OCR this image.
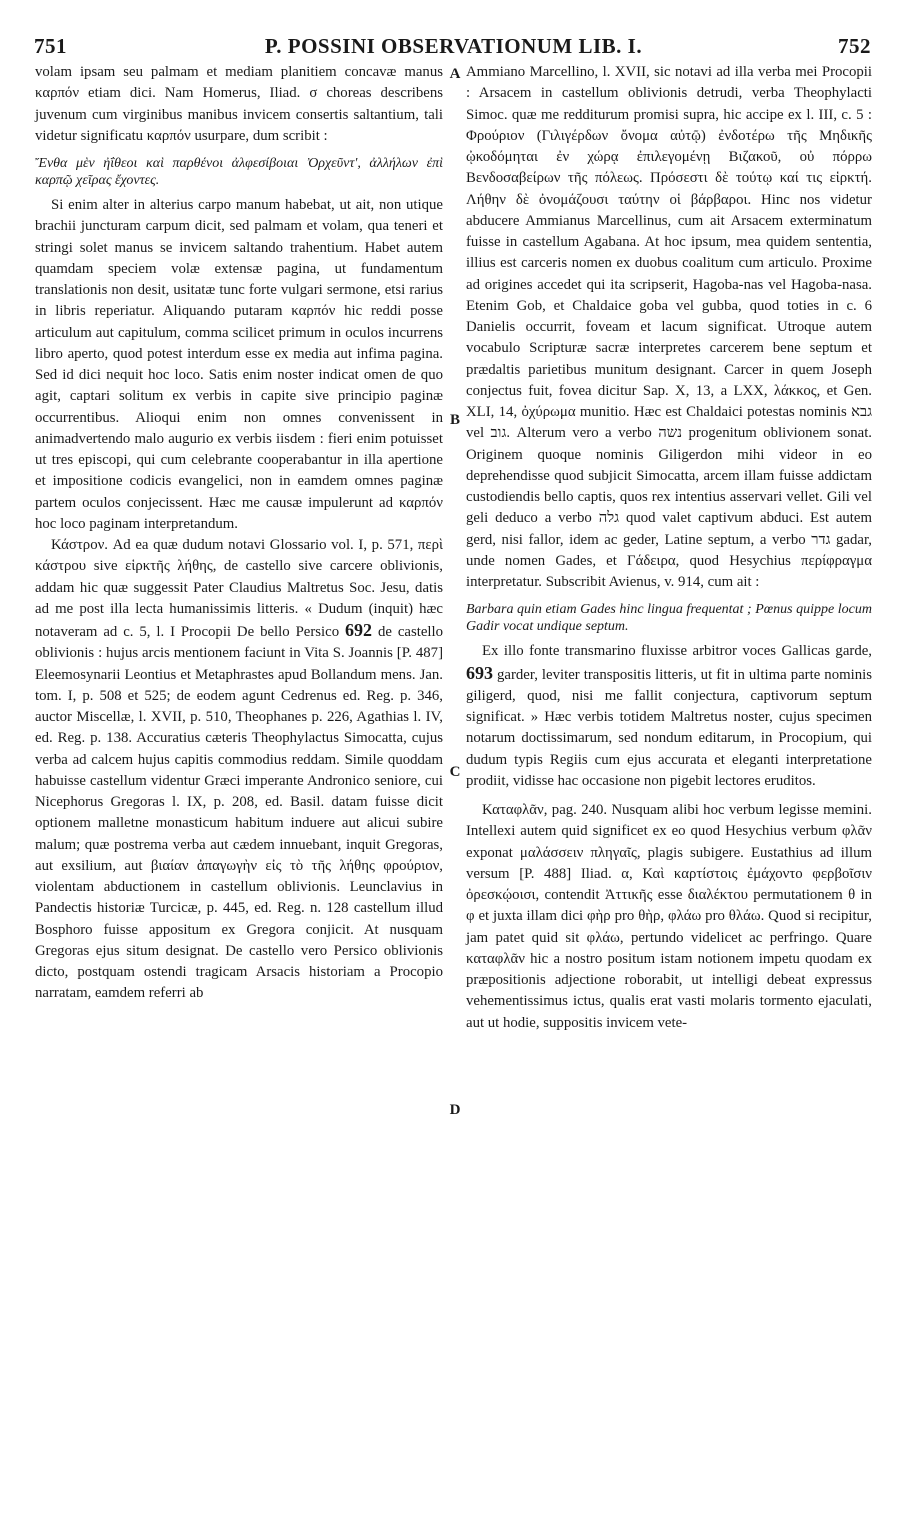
751	P. POSSINI OBSERVATIONUM LIB. I.	752
A
B
C
D

volam ipsam seu palmam et mediam planitiem concavæ manus καρπόν etiam dici. Nam Homerus, Iliad. σ choreas describens juvenum cum virginibus manibus invicem consertis saltantium, tali videtur significatu καρπόν usurpare, dum scribit :

Ἔνθα μὲν ἠΐθεοι καὶ παρθένοι ἀλφεσίβοιαι Ὀρχεῦντ', ἀλλήλων ἐπὶ καρπῷ χεῖρας ἔχοντες.

Si enim alter in alterius carpo manum habebat, ut ait, non utique brachii juncturam carpum dicit, sed palmam et volam, qua teneri et stringi solet manus se invicem saltando trahentium. Habet autem quamdam speciem volæ extensæ pagina, ut fundamentum translationis non desit, usitatæ tunc forte vulgari sermone, etsi rarius in libris reperiatur. Aliquando putaram καρπόν hic reddi posse articulum aut capitulum, comma scilicet primum in oculos incurrens libro aperto, quod potest interdum esse ex media aut infima pagina. Sed id dici nequit hoc loco. Satis enim noster indicat omen de quo agit, captari solitum ex verbis in capite sive principio paginæ occurrentibus. Alioqui enim non omnes convenissent in animadvertendo malo augurio ex verbis iisdem : fieri enim potuisset ut tres episcopi, qui cum celebrante cooperabantur in illa apertione et impositione codicis evangelici, non in eamdem omnes paginæ partem oculos conjecissent. Hæc me causæ impulerunt ad καρπόν hoc loco paginam interpretandum.

Κάστρον. Ad ea quæ dudum notavi Glossario vol. I, p. 571, περὶ κάστρου sive εἱρκτῆς λήθης, de castello sive carcere oblivionis, addam hic quæ suggessit Pater Claudius Maltretus Soc. Jesu, datis ad me post illa lecta humanissimis litteris. « Dudum (inquit) hæc notaveram ad c. 5, l. I Procopii De bello Persico 692 de castello oblivionis : hujus arcis mentionem faciunt in Vita S. Joannis [P. 487] Eleemosynarii Leontius et Metaphrastes apud Bollandum mens. Jan. tom. I, p. 508 et 525; de eodem agunt Cedrenus ed. Reg. p. 346, auctor Miscellæ, l. XVII, p. 510, Theophanes p. 226, Agathias l. IV, ed. Reg. p. 138. Accuratius cæteris Theophylactus Simocatta, cujus verba ad calcem hujus capitis commodius reddam. Simile quoddam habuisse castellum videntur Græci imperante Andronico seniore, cui Nicephorus Gregoras l. IX, p. 208, ed. Basil. datam fuisse dicit optionem malletne monasticum habitum induere aut alicui subire malum; quæ postrema verba aut cædem innuebant, inquit Gregoras, aut exsilium, aut βιαίαν ἀπαγωγὴν εἰς τὸ τῆς λήθης φρούριον, violentam abductionem in castellum oblivionis. Leunclavius in Pandectis historiæ Turcicæ, p. 445, ed. Reg. n. 128 castellum illud Bosphoro fuisse appositum ex Gregora conjicit. At nusquam Gregoras ejus situm designat. De castello vero Persico oblivionis dicto, postquam ostendi tragicam Arsacis historiam a Procopio narratam, eamdem referri ab

Ammiano Marcellino, l. XVII, sic notavi ad illa verba mei Procopii : Arsacem in castellum oblivionis detrudi, verba Theophylacti Simoc. quæ me redditurum promisi supra, hic accipe ex l. III, c. 5 : Φρούριον (Γιλιγέρδων ὄνομα αὐτῷ) ἐνδοτέρω τῆς Μηδικῆς ᾠκοδόμηται ἐν χώρᾳ ἐπιλεγομένῃ Βιζακοῦ, οὐ πόρρω Βενδοσαβείρων τῆς πόλεως. Πρόσεστι δὲ τούτῳ καί τις εἱρκτή. Λήθην δὲ ὀνομάζουσι ταύτην οἱ βάρβαροι. Hinc nos videtur abducere Ammianus Marcellinus, cum ait Arsacem exterminatum fuisse in castellum Agabana. At hoc ipsum, mea quidem sententia, illius est carceris nomen ex duobus coalitum cum articulo. Proxime ad origines accedet qui ita scripserit, Hagoba-nas vel Hagoba-nasa. Etenim Gob, et Chaldaice goba vel gubba, quod toties in c. 6 Danielis occurrit, foveam et lacum significat. Utroque autem vocabulo Scripturæ sacræ interpretes carcerem bene septum et prædaltis parietibus munitum designant. Carcer in quem Joseph conjectus fuit, fovea dicitur Sap. X, 13, a LXX, λάκκος, et Gen. XLI, 14, ὀχύρωμα munitio. Hæc est Chaldaici potestas nominis גבא vel גוב. Alterum vero a verbo נשה progenitum oblivionem sonat. Originem quoque nominis Giligerdon mihi videor in eo deprehendisse quod subjicit Simocatta, arcem illam fuisse addictam custodiendis bello captis, quos rex intentius asservari vellet. Gili vel geli deduco a verbo גלה quod valet captivum abduci. Est autem gerd, nisi fallor, idem ac geder, Latine septum, a verbo גדר gadar, unde nomen Gades, et Γάδειρα, quod Hesychius περίφραγμα interpretatur. Subscribit Avienus, v. 914, cum ait :

Barbara quin etiam Gades hinc lingua frequentat ; Pœnus quippe locum Gadir vocat undique septum.

Ex illo fonte transmarino fluxisse arbitror voces Gallicas garde, 693 garder, leviter transpositis litteris, ut fit in ultima parte nominis giligerd, quod, nisi me fallit conjectura, captivorum septum significat. » Hæc verbis totidem Maltretus noster, cujus specimen notarum doctissimarum, sed nondum editarum, in Procopium, qui dudum typis Regiis cum ejus accurata et eleganti interpretatione prodiit, vidisse hac occasione non pigebit lectores eruditos.

Καταφλᾶν, pag. 240. Nusquam alibi hoc verbum legisse memini. Intellexi autem quid significet ex eo quod Hesychius verbum φλᾶν exponat μαλάσσειν πληγαῖς, plagis subigere. Eustathius ad illum versum [P. 488] Iliad. α, Καὶ καρτίστοις ἐμάχοντο φερβοῖσιν ὀρεσκῴοισι, contendit Ἀττικῆς esse διαλέκτου permutationem θ in φ et juxta illam dici φὴρ pro θὴρ, φλάω pro θλάω. Quod si recipitur, jam patet quid sit φλάω, pertundo videlicet ac perfringo. Quare καταφλᾶν hic a nostro positum istam notionem impetu quodam ex præpositionis adjectione roborabit, ut intelligi debeat expressus vehementissimus ictus, qualis erat vasti molaris tormento ejaculati, aut ut hodie, suppositis invicem vete-
